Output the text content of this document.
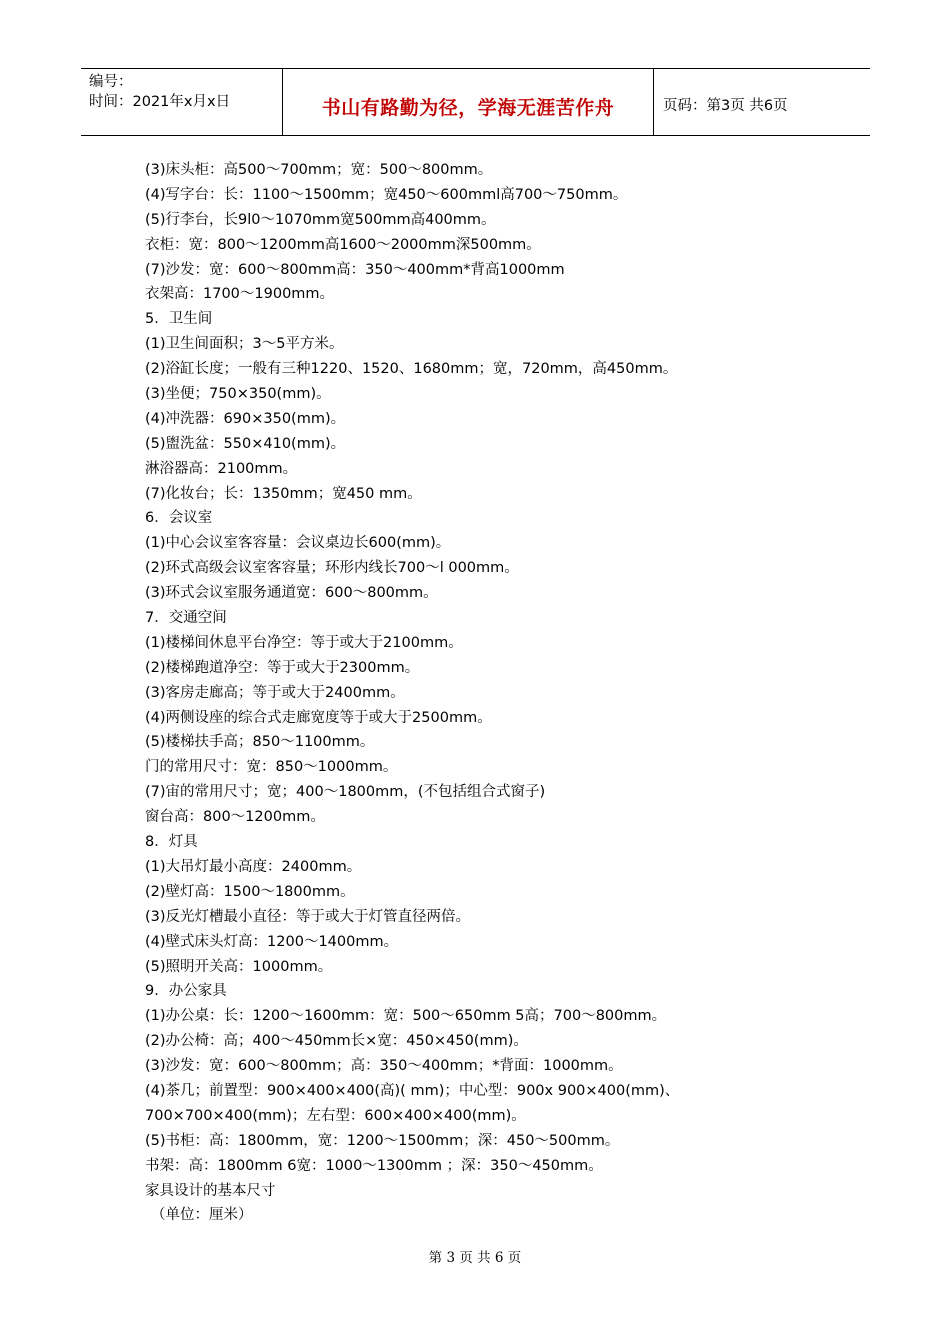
编号：
时间：2021年x月x日	书山有路勤为径，学海无涯苦作舟	页码：第3页 共6页
(3)床头柜：高500～700mm；宽：500～800mm。
(4)写字台：长：1100～1500mm；宽450～600mml高700～750mm。
(5)行李台，长9l0～1070mm宽500mm高400mm。
衣柜：宽：800～1200mm高1600～2000mm深500mm。
(7)沙发：宽：600～800mm高：350～400mm*背高1000mm
衣架高：1700～1900mm。
5．卫生间
(1)卫生间面积；3～5平方米。
(2)浴缸长度；一般有三种1220、1520、1680mm；宽，720mm，高450mm。
(3)坐便；750×350(mm)。
(4)冲洗器：690×350(mm)。
(5)盥洗盆：550×410(mm)。
淋浴器高：2100mm。
(7)化妆台；长：1350mm；宽450 mm。
6．会议室
(1)中心会议室客容量：会议桌边长600(mm)。
(2)环式高级会议室客容量；环形内线长700～l 000mm。
(3)环式会议室服务通道宽：600～800mm。
7．交通空间
(1)楼梯间休息平台净空：等于或大于2100mm。
(2)楼梯跑道净空：等于或大于2300mm。
(3)客房走廊高；等于或大于2400mm。
(4)两侧设座的综合式走廊宽度等于或大于2500mm。
(5)楼梯扶手高；850～1100mm。
门的常用尺寸：宽：850～1000mm。
(7)宙的常用尺寸；宽；400～1800mm，(不包括组合式窗子)
窗台高：800～1200mm。
8．灯具
(1)大吊灯最小高度：2400mm。
(2)壁灯高：1500～1800mm。
(3)反光灯槽最小直径：等于或大于灯管直径两倍。
(4)壁式床头灯高：1200～1400mm。
(5)照明开关高：1000mm。
9．办公家具
(1)办公桌：长：1200～1600mm：宽：500～650mm 5高；700～800mm。
(2)办公椅：高；400～450mm长×宽：450×450(mm)。
(3)沙发：宽：600～800mm；高：350～400mm；*背面：1000mm。
(4)茶几；前置型：900×400×400(高)( mm)；中心型：900x 900×400(mm)、
700×700×400(mm)；左右型：600×400×400(mm)。
(5)书柜：高：1800mm，宽：1200～1500mm；深：450～500mm。
书架：高：1800mm 6宽：1000～1300mm ；深：350～450mm。
家具设计的基本尺寸
（单位：厘米）
第 3 页 共 6 页
